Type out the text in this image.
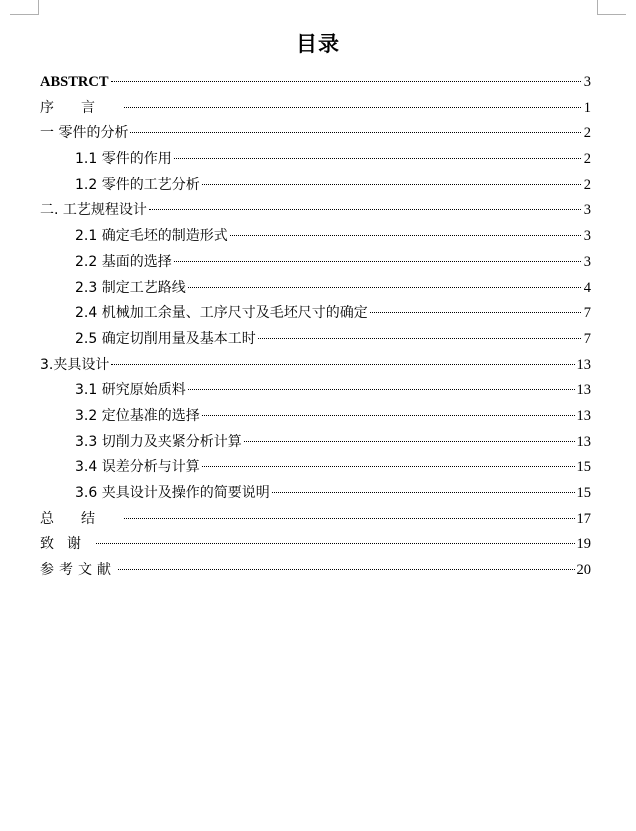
目录
ABSTRCT	3
序言	1
一 零件的分析	2
1.1 零件的作用	2
1.2 零件的工艺分析	2
二. 工艺规程设计	3
2.1 确定毛坯的制造形式	3
2.2 基面的选择	3
2.3 制定工艺路线	4
2.4 机械加工余量、工序尺寸及毛坯尺寸的确定	7
2.5 确定切削用量及基本工时	7
3.夹具设计	13
3.1 研究原始质料	13
3.2 定位基准的选择	13
3.3 切削力及夹紧分析计算	13
3.4 误差分析与计算	15
3.6 夹具设计及操作的简要说明	15
总结	17
致谢	19
参考文献	20
